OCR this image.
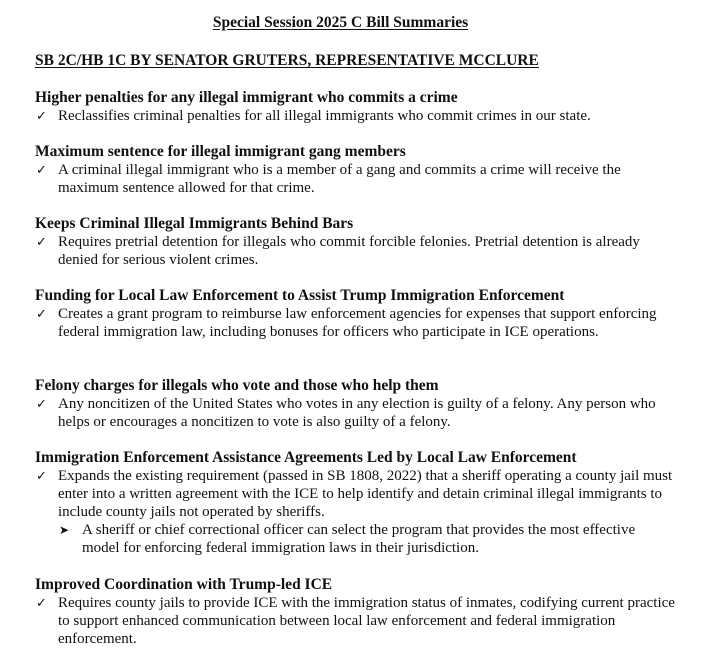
Special Session 2025 C Bill Summaries
SB 2C/HB 1C BY SENATOR GRUTERS, REPRESENTATIVE MCCLURE

Higher penalties for any illegal immigrant who commits a crime

✓ Reclassifies criminal penalties for all illegal immigrants who commit crimes in our state.

Maximum sentence for illegal immigrant gang members

✓ A criminal illegal immigrant who is a member of a gang and commits a crime will receive the maximum sentence allowed for that crime.

Keeps Criminal Illegal Immigrants Behind Bars

✓ Requires pretrial detention for illegals who commit forcible felonies. Pretrial detention is already denied for serious violent crimes.

Funding for Local Law Enforcement to Assist Trump Immigration Enforcement

✓ Creates a grant program to reimburse law enforcement agencies for expenses that support enforcing federal immigration law, including bonuses for officers who participate in ICE operations.

Felony charges for illegals who vote and those who help them

✓ Any noncitizen of the United States who votes in any election is guilty of a felony. Any person who helps or encourages a noncitizen to vote is also guilty of a felony.

Immigration Enforcement Assistance Agreements Led by Local Law Enforcement

✓ Expands the existing requirement (passed in SB 1808, 2022) that a sheriff operating a county jail must enter into a written agreement with the ICE to help identify and detain criminal illegal immigrants to include county jails not operated by sheriffs.

➤ A sheriff or chief correctional officer can select the program that provides the most effective model for enforcing federal immigration laws in their jurisdiction.

Improved Coordination with Trump-led ICE

✓ Requires county jails to provide ICE with the immigration status of inmates, codifying current practice to support enhanced communication between local law enforcement and federal immigration enforcement.
